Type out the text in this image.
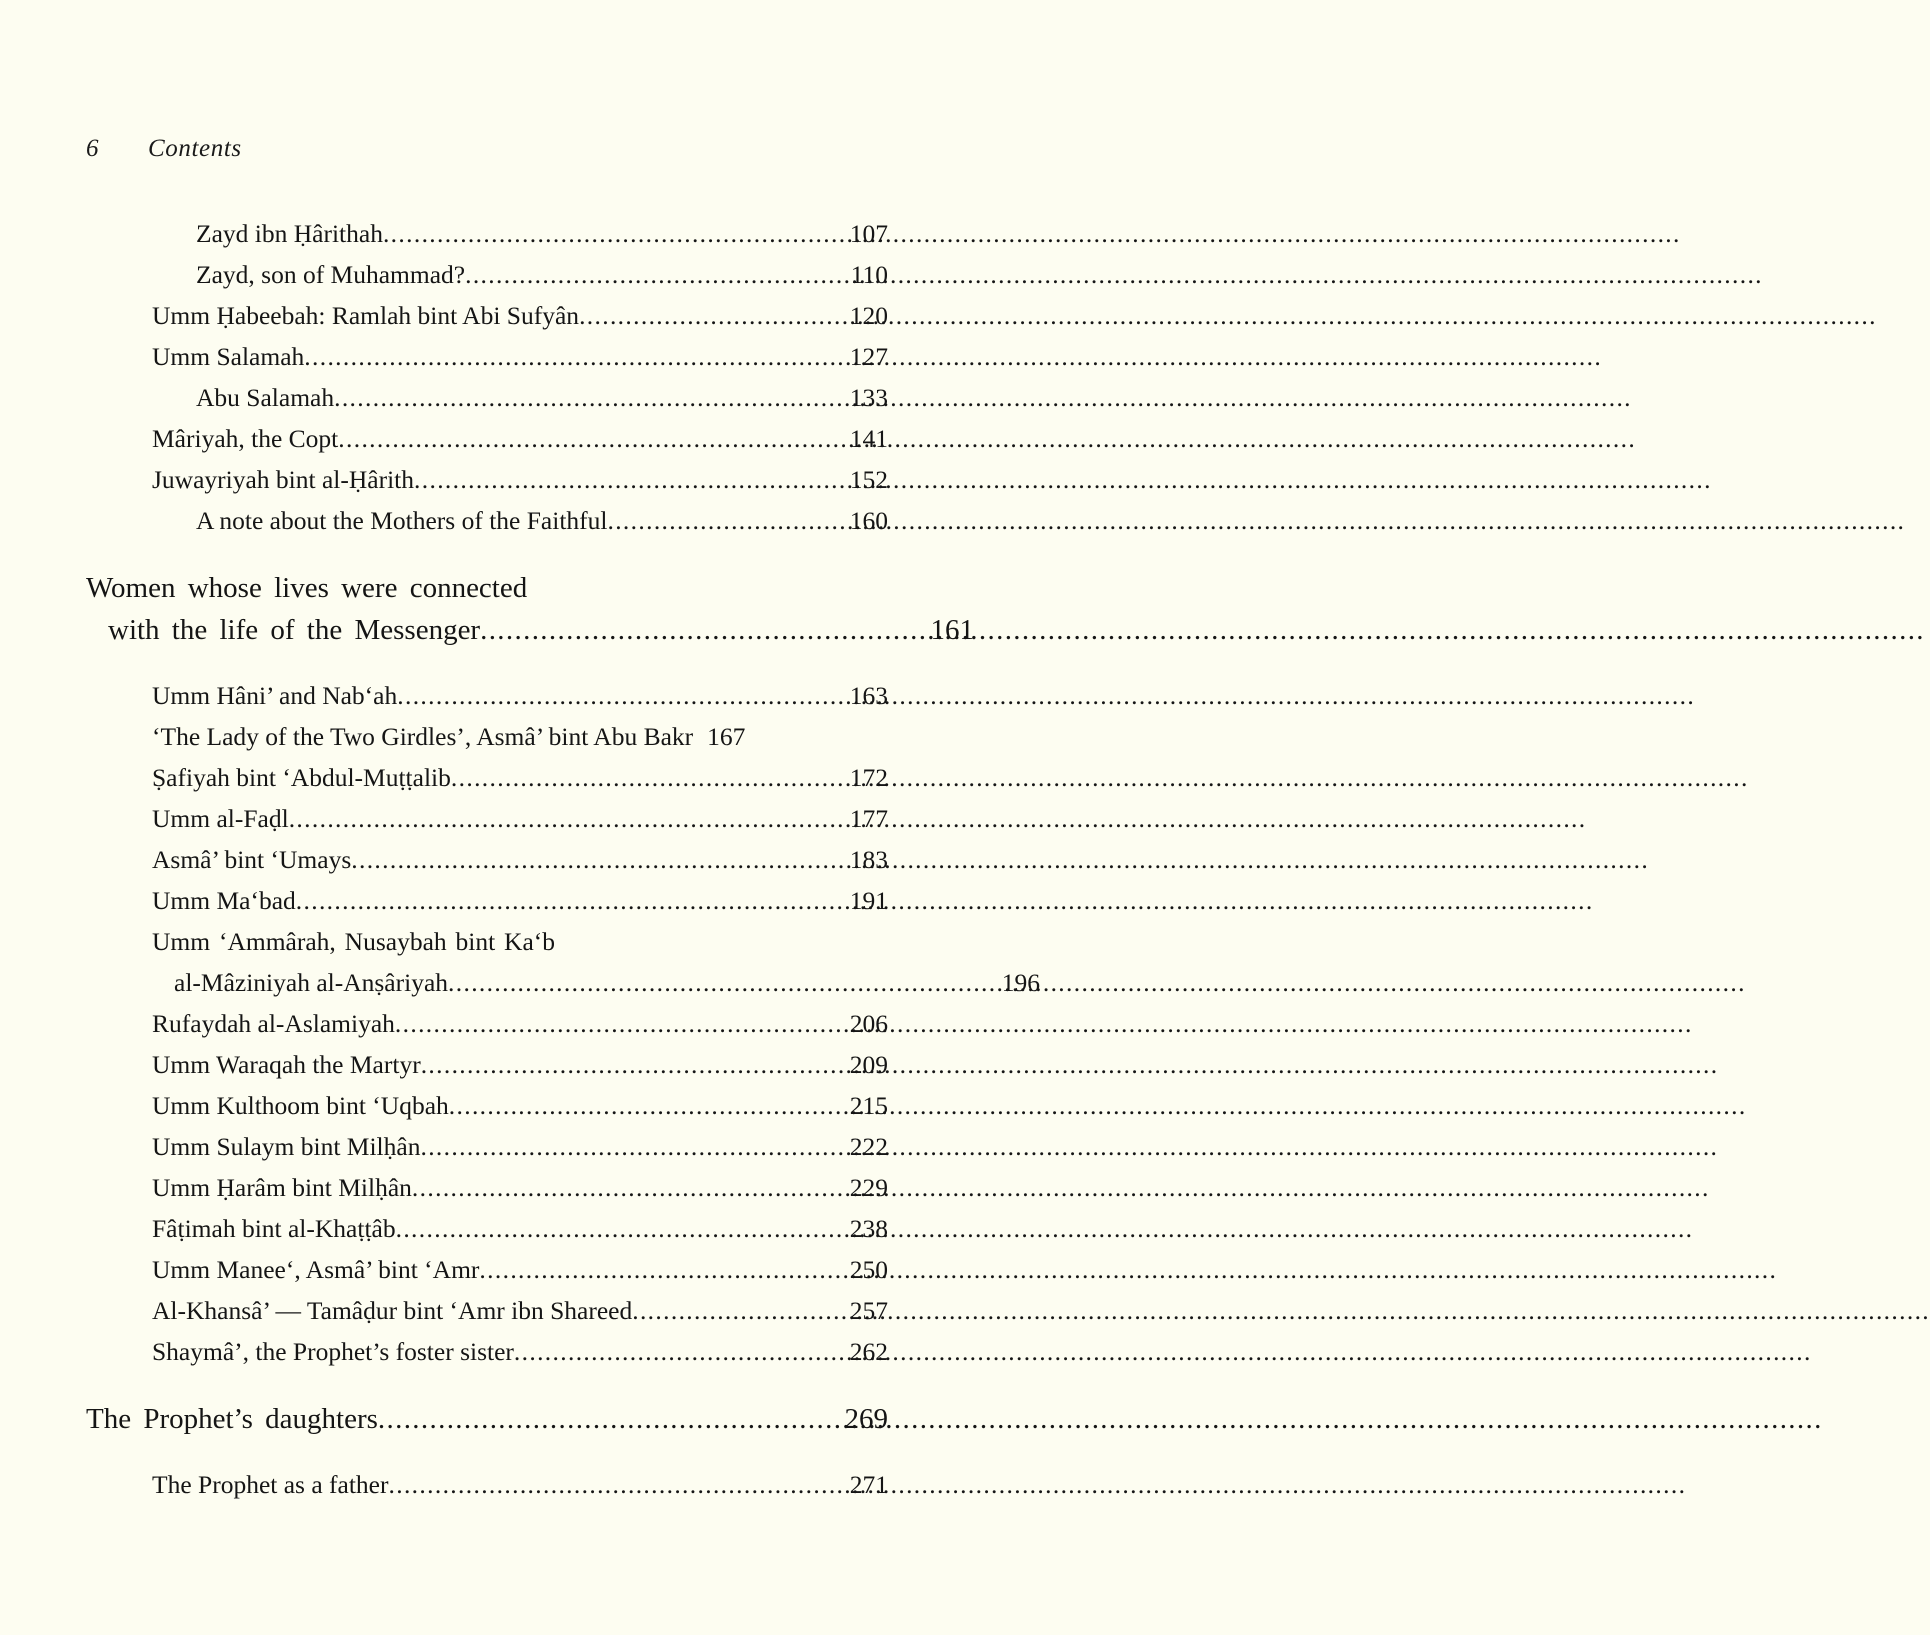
6	Contents
Zayd ibn Ḥârithah .....	107
Zayd, son of Muhammad? .....	110
Umm Ḥabeebah: Ramlah bint Abi Sufyân .....	120
Umm Salamah .....	127
Abu Salamah .....	133
Mâriyah, the Copt .....	141
Juwayriyah bint al-Ḥârith .....	152
A note about the Mothers of the Faithful .....	160
Women whose lives were connected
with the life of the Messenger .....	161
Umm Hâni’ and Nabʻah .....	163
‘The Lady of the Two Girdles’, Asmâ’ bint Abu Bakr 167
Ṣafiyah bint ʻAbdul-Muṭṭalib .....	172
Umm al-Faḍl .....	177
Asmâ’ bint ʻUmays .....	183
Umm Maʻbad .....	191
Umm ʻAmmârah, Nusaybah bint Kaʻb
al-Mâziniyah al-Anṣâriyah .....	196
Rufaydah al-Aslamiyah .....	206
Umm Waraqah the Martyr .....	209
Umm Kulthoom bint ʻUqbah .....	215
Umm Sulaym bint Milḥân .....	222
Umm Ḥarâm bint Milḥân .....	229
Fâṭimah bint al-Khaṭṭâb .....	238
Umm Maneeʻ, Asmâ’ bint ʻAmr .....	250
Al-Khansâ’ — Tamâḍur bint ʻAmr ibn Shareed .....	257
Shaymâ’, the Prophet’s foster sister .....	262
The Prophet’s daughters .....	269
The Prophet as a father .....	271
